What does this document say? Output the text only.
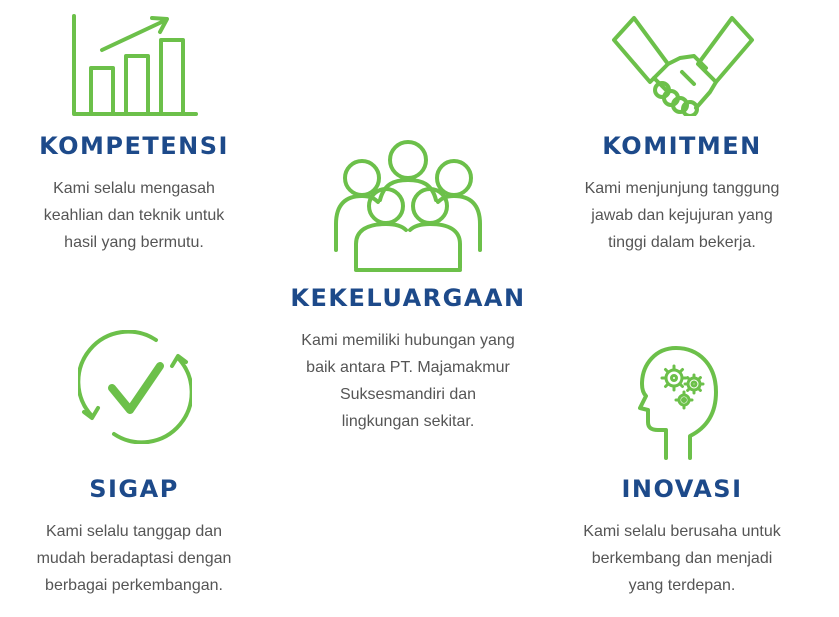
KOMPETENSI
Kami selalu mengasah
keahlian dan teknik untuk
hasil yang bermutu.
KEKELUARGAAN
Kami memiliki hubungan yang
baik antara PT. Majamakmur
Suksesmandiri dan
lingkungan sekitar.
KOMITMEN
Kami menjunjung tanggung
jawab dan kejujuran yang
tinggi dalam bekerja.
SIGAP
Kami selalu tanggap dan
mudah beradaptasi dengan
berbagai perkembangan.
INOVASI
Kami selalu berusaha untuk
berkembang dan menjadi
yang terdepan.
